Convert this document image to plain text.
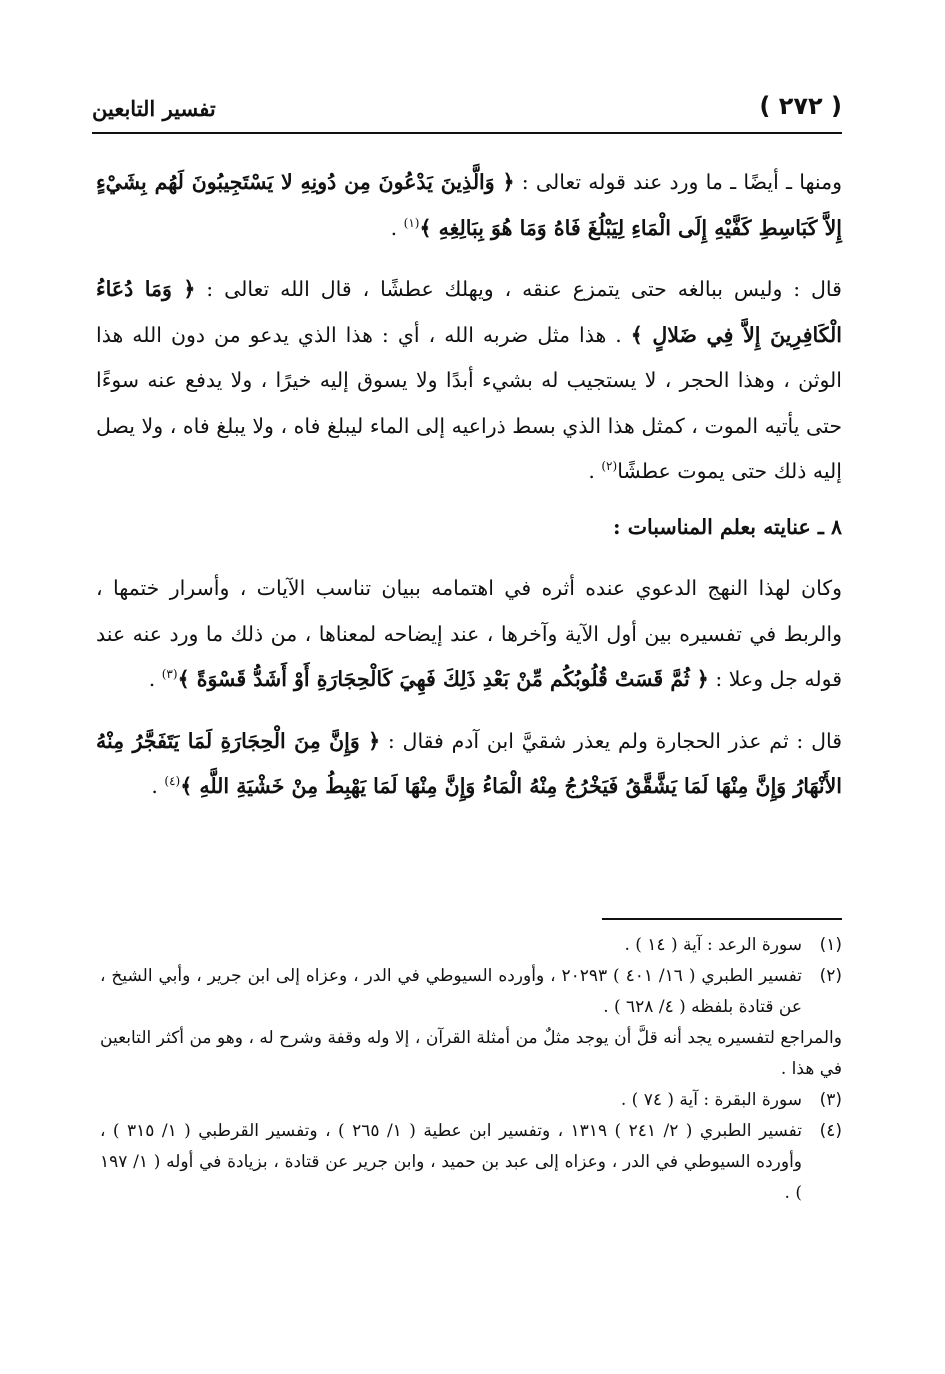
( ٢٧٢ )
تفسير التابعين

ومنها ـ أيضًا ـ ما ورد عند قوله تعالى : ﴿ وَالَّذِينَ يَدْعُونَ مِن دُونِهِ لا يَسْتَجِيبُونَ لَهُم بِشَيْءٍ إِلاَّ كَبَاسِطِ كَفَّيْهِ إِلَى الْمَاءِ لِيَبْلُغَ فَاهُ وَمَا هُوَ بِبَالِغِهِ ﴾$^{(١)}$ .

قال : وليس ببالغه حتى يتمزع عنقه ، ويهلك عطشًا ، قال الله تعالى : ﴿ وَمَا دُعَاءُ الْكَافِرِينَ إِلاَّ فِي ضَلالٍ ﴾ . هذا مثل ضربه الله ، أي : هذا الذي يدعو من دون الله هذا الوثن ، وهذا الحجر ، لا يستجيب له بشيء أبدًا ولا يسوق إليه خيرًا ، ولا يدفع عنه سوءًا حتى يأتيه الموت ، كمثل هذا الذي بسط ذراعيه إلى الماء ليبلغ فاه ، ولا يبلغ فاه ، ولا يصل إليه ذلك حتى يموت عطشًا$^{(٢)}$ .

٨ ـ عنايته بعلم المناسبات :

وكان لهذا النهج الدعوي عنده أثره في اهتمامه ببيان تناسب الآيات ، وأسرار ختمها ، والربط في تفسيره بين أول الآية وآخرها ، عند إيضاحه لمعناها ، من ذلك ما ورد عنه عند قوله جل وعلا : ﴿ ثُمَّ قَسَتْ قُلُوبُكُم مِّنْ بَعْدِ ذَلِكَ فَهِيَ كَالْحِجَارَةِ أَوْ أَشَدُّ قَسْوَةً ﴾$^{(٣)}$ .

قال : ثم عذر الحجارة ولم يعذر شقيَّ ابن آدم فقال : ﴿ وَإِنَّ مِنَ الْحِجَارَةِ لَمَا يَتَفَجَّرُ مِنْهُ الأَنْهَارُ وَإِنَّ مِنْهَا لَمَا يَشَّقَّقُ فَيَخْرُجُ مِنْهُ الْمَاءُ وَإِنَّ مِنْهَا لَمَا يَهْبِطُ مِنْ خَشْيَةِ اللَّهِ ﴾$^{(٤)}$ .

(١)
سورة الرعد : آية ( ١٤ ) .

(٢)
تفسير الطبري ( ١٦/ ٤٠١ ) ٢٠٢٩٣ ، وأورده السيوطي في الدر ، وعزاه إلى ابن جرير ، وأبي الشيخ ، عن قتادة بلفظه ( ٤/ ٦٢٨ ) .

والمراجع لتفسيره يجد أنه قلَّ أن يوجد مثلٌ من أمثلة القرآن ، إلا وله وقفة وشرح له ، وهو من أكثر التابعين في هذا .

(٣)
سورة البقرة : آية ( ٧٤ ) .

(٤)
تفسير الطبري ( ٢/ ٢٤١ ) ١٣١٩ ، وتفسير ابن عطية ( ١/ ٢٦٥ ) ، وتفسير القرطبي ( ١/ ٣١٥ ) ، وأورده السيوطي في الدر ، وعزاه إلى عبد بن حميد ، وابن جرير عن قتادة ، بزيادة في أوله ( ١/ ١٩٧ ) .
